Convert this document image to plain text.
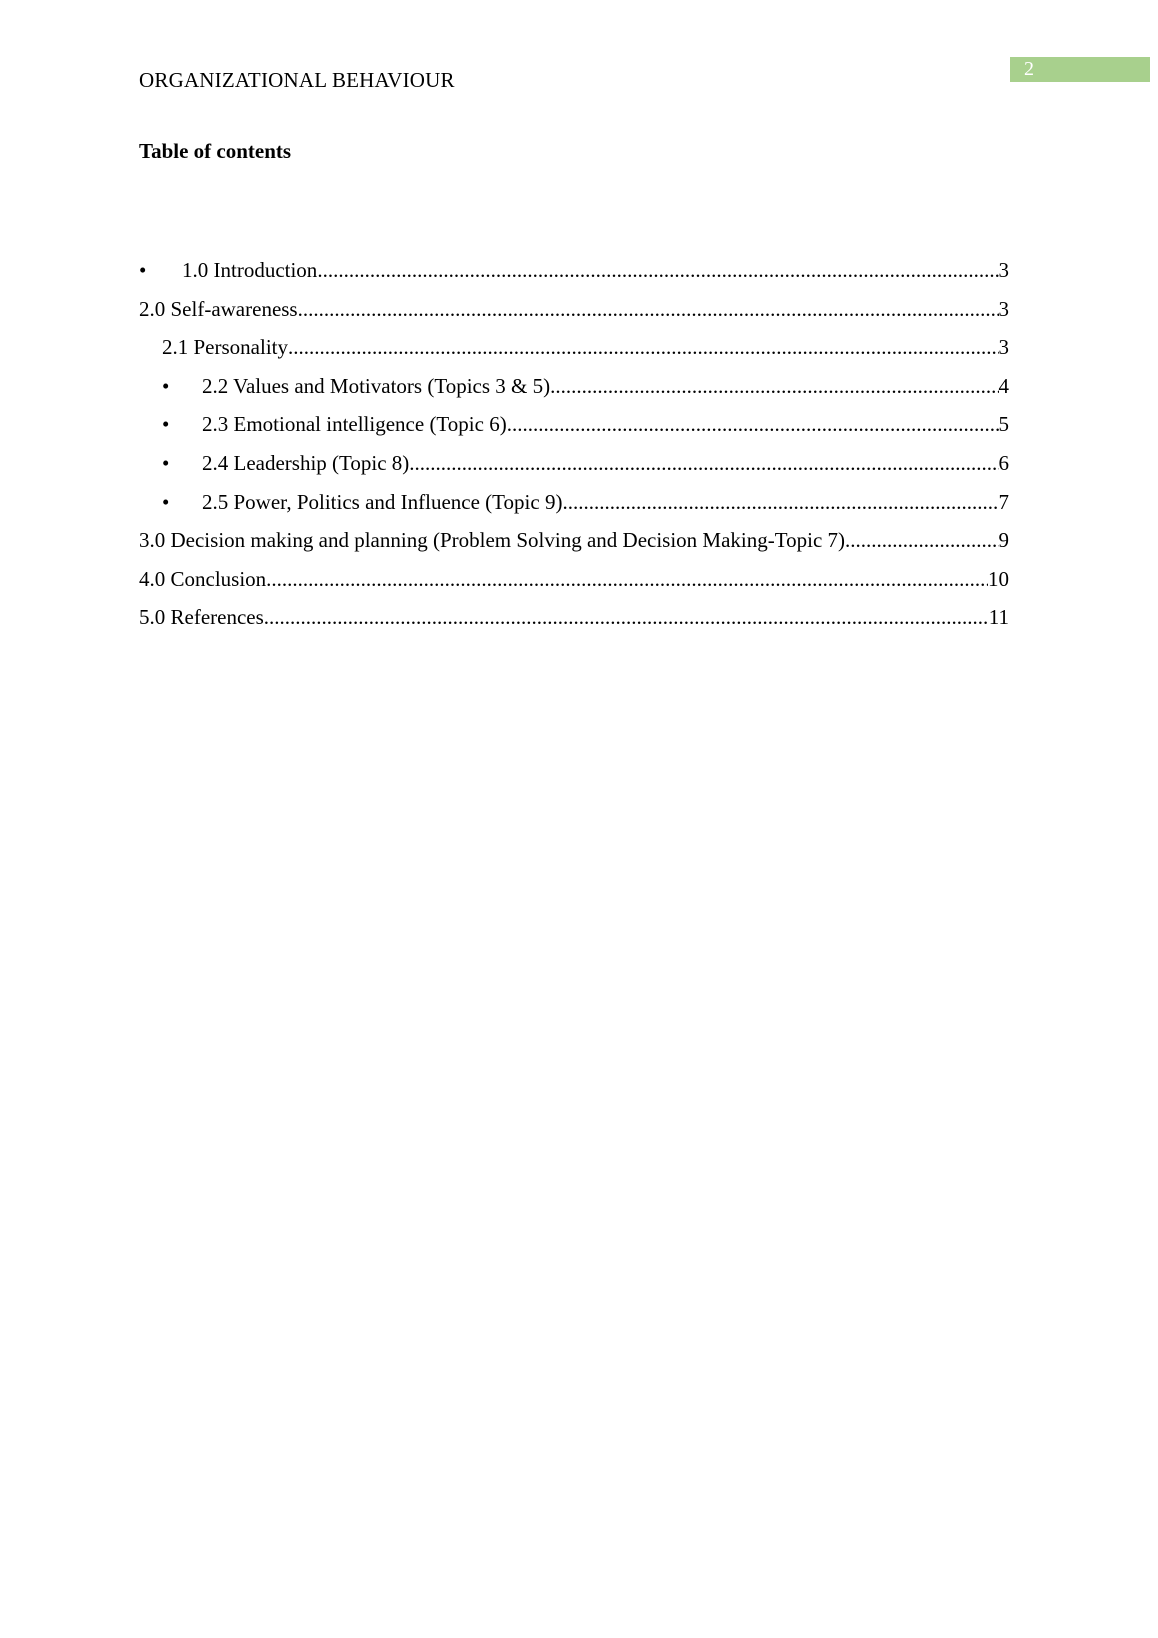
2
ORGANIZATIONAL BEHAVIOUR
Table of contents
•	1.0 Introduction .....	3
2.0 Self-awareness .....	3
2.1 Personality .....	3
•	2.2 Values and Motivators (Topics 3 & 5) .....	4
•	2.3 Emotional intelligence (Topic 6) .....	5
•	2.4 Leadership (Topic 8) .....	6
•	2.5 Power, Politics and Influence (Topic 9) .....	7
3.0 Decision making and planning (Problem Solving and Decision Making-Topic 7) .....	9
4.0 Conclusion .....	10
5.0 References .....	11
